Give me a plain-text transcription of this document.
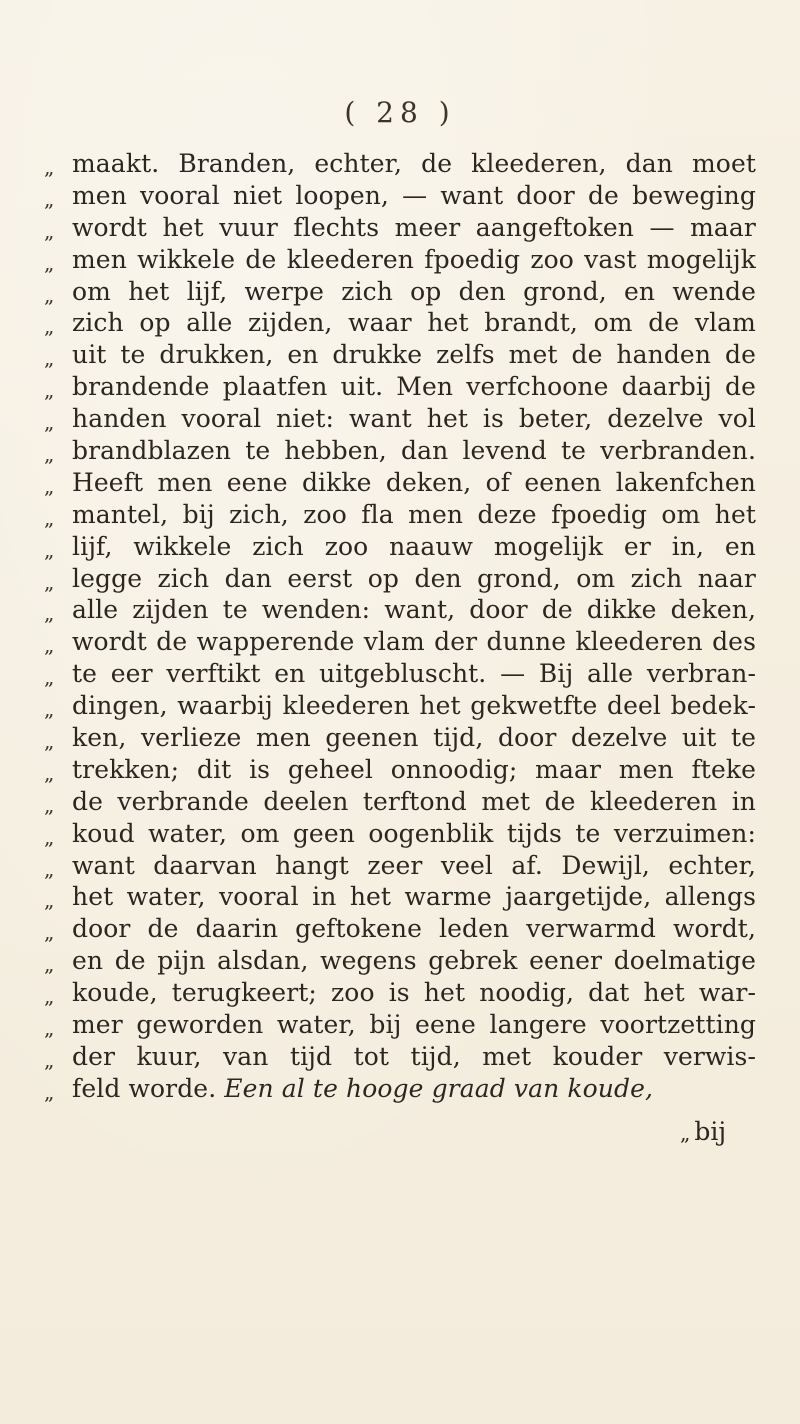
( 28 )
„ maakt. Branden, echter, de kleederen, dan moet
„ men vooral niet loopen, — want door de beweging
„ wordt het vuur flechts meer aangeftoken — maar
„ men wikkele de kleederen fpoedig zoo vast mogelijk
„ om het lijf, werpe zich op den grond, en wende
„ zich op alle zijden, waar het brandt, om de vlam
„ uit te drukken, en drukke zelfs met de handen de
„ brandende plaatfen uit. Men verfchoone daarbij de
„ handen vooral niet: want het is beter, dezelve vol
„ brandblazen te hebben, dan levend te verbranden.
„ Heeft men eene dikke deken, of eenen lakenfchen
„ mantel, bij zich, zoo fla men deze fpoedig om het
„ lijf, wikkele zich zoo naauw mogelijk er in, en
„ legge zich dan eerst op den grond, om zich naar
„ alle zijden te wenden: want, door de dikke deken,
„ wordt de wapperende vlam der dunne kleederen des
„ te eer verftikt en uitgebluscht. — Bij alle verbran-
„ dingen, waarbij kleederen het gekwetfte deel bedek-
„ ken, verlieze men geenen tijd, door dezelve uit te
„ trekken; dit is geheel onnoodig; maar men fteke
„ de verbrande deelen terftond met de kleederen in
„ koud water, om geen oogenblik tijds te verzuimen:
„ want daarvan hangt zeer veel af. Dewijl, echter,
„ het water, vooral in het warme jaargetijde, allengs
„ door de daarin geftokene leden verwarmd wordt,
„ en de pijn alsdan, wegens gebrek eener doelmatige
„ koude, terugkeert; zoo is het noodig, dat het war-
„ mer geworden water, bij eene langere voortzetting
„ der kuur, van tijd tot tijd, met kouder verwis-
„ feld worde. Een al te hooge graad van koude,
„ bij
